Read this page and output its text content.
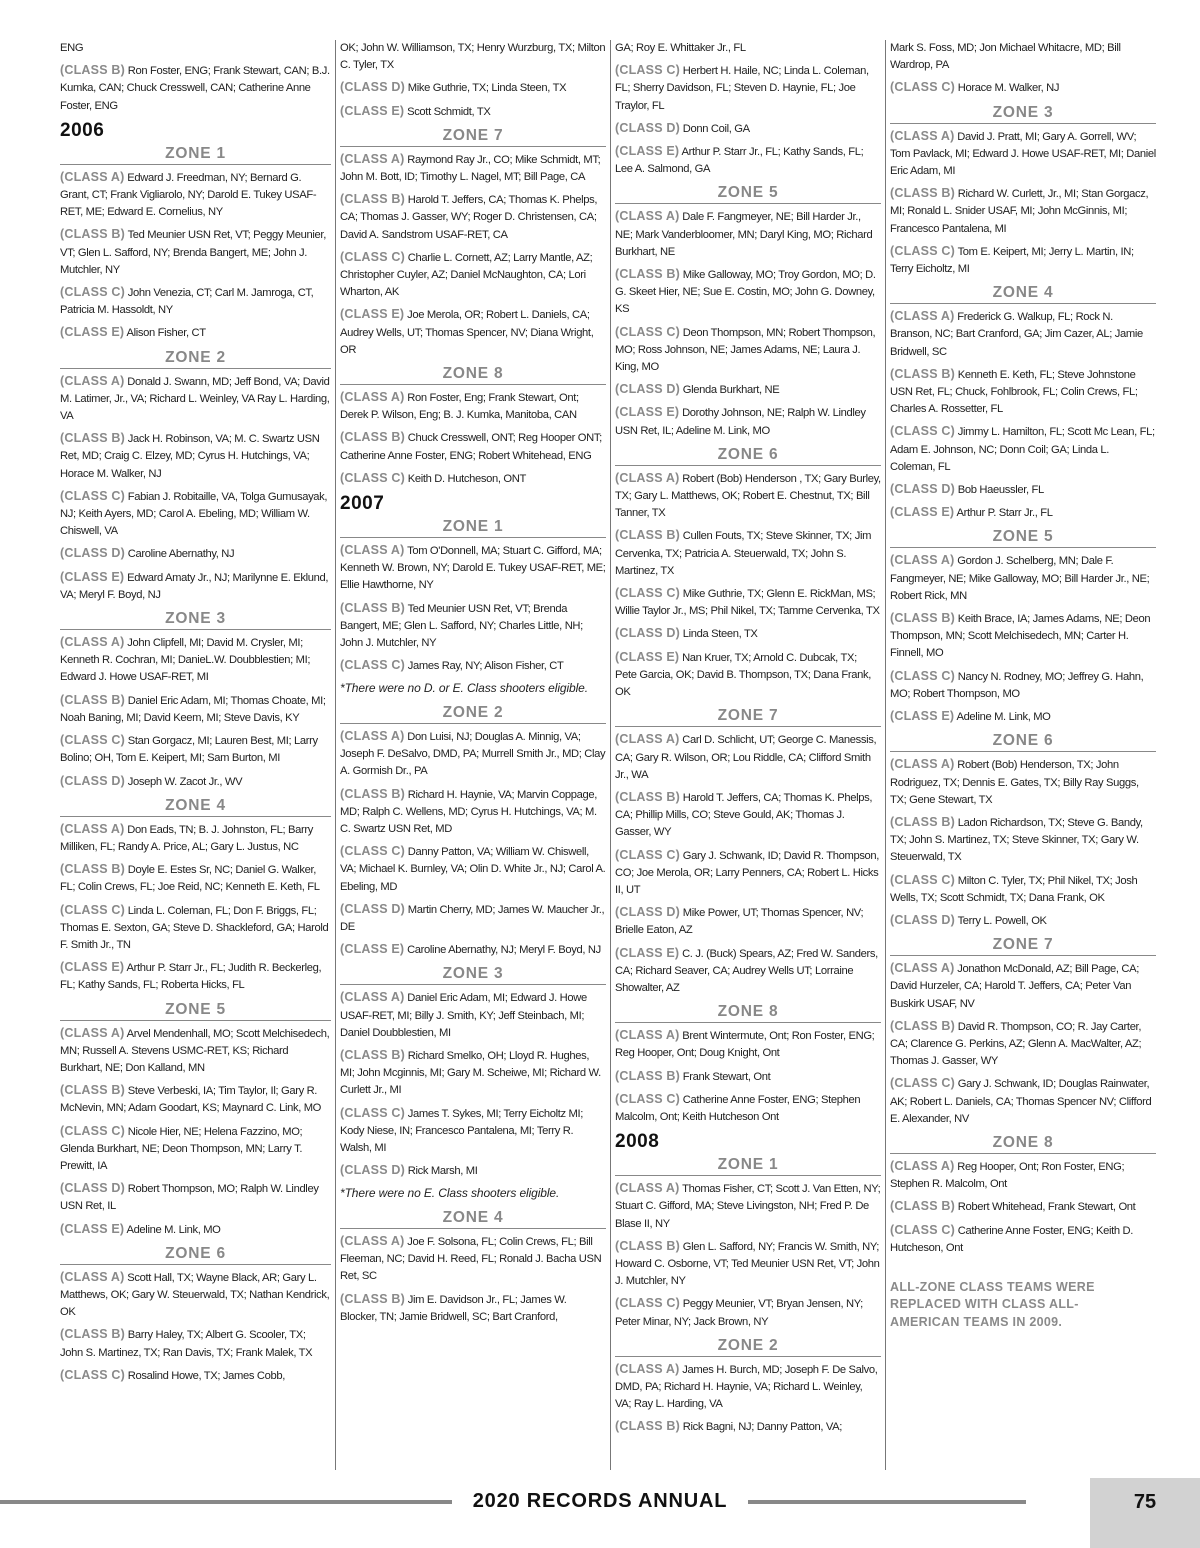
ENG

(CLASS B) Ron Foster, ENG; Frank Stewart, CAN; B.J. Kumka, CAN; Chuck Cresswell, CAN; Catherine Anne Foster, ENG

2006
ZONE 1

(CLASS A) Edward J. Freedman, NY; Bernard G. Grant, CT; Frank Vigliarolo, NY; Darold E. Tukey USAF-RET, ME; Edward E. Cornelius, NY

(CLASS B) Ted Meunier USN Ret, VT; Peggy Meunier, VT; Glen L. Safford, NY; Brenda Bangert, ME; John J. Mutchler, NY

(CLASS C) John Venezia, CT; Carl M. Jamroga, CT, Patricia M. Hassoldt, NY

(CLASS E) Alison Fisher, CT

ZONE 2

(CLASS A) Donald J. Swann, MD; Jeff Bond, VA; David M. Latimer, Jr., VA; Richard L. Weinley, VA Ray L. Harding, VA

(CLASS B) Jack H. Robinson, VA; M. C. Swartz USN Ret, MD; Craig C. Elzey, MD; Cyrus H. Hutchings, VA; Horace M. Walker, NJ

(CLASS C) Fabian J. Robitaille, VA, Tolga Gumusayak, NJ; Keith Ayers, MD; Carol A. Ebeling, MD; William W. Chiswell, VA

(CLASS D) Caroline Abernathy, NJ

(CLASS E) Edward Amaty Jr., NJ; Marilynne E. Eklund, VA; Meryl F. Boyd, NJ

ZONE 3

(CLASS A) John Clipfell, MI; David M. Crysler, MI; Kenneth R. Cochran, MI; DanieL.W. Doubblestien; MI; Edward J. Howe USAF-RET, MI

(CLASS B) Daniel Eric Adam, MI; Thomas Choate, MI; Noah Baning, MI; David Keem, MI; Steve Davis, KY

(CLASS C) Stan Gorgacz, MI; Lauren Best, MI; Larry Bolino; OH, Tom E. Keipert, MI; Sam Burton, MI

(CLASS D) Joseph W. Zacot Jr., WV

ZONE 4

(CLASS A) Don Eads, TN; B. J. Johnston, FL; Barry Milliken, FL; Randy A. Price, AL; Gary L. Justus, NC

(CLASS B) Doyle E. Estes Sr, NC; Daniel G. Walker, FL; Colin Crews, FL; Joe Reid, NC; Kenneth E. Keth, FL

(CLASS C) Linda L. Coleman, FL; Don F. Briggs, FL; Thomas E. Sexton, GA; Steve D. Shackleford, GA; Harold F. Smith Jr., TN

(CLASS E) Arthur P. Starr Jr., FL; Judith R. Beckerleg, FL; Kathy Sands, FL; Roberta Hicks, FL

ZONE 5

(CLASS A) Arvel Mendenhall, MO; Scott Melchisedech, MN; Russell A. Stevens USMC-RET, KS; Richard Burkhart, NE; Don Kalland, MN

(CLASS B) Steve Verbeski, IA; Tim Taylor, Il; Gary R. McNevin, MN; Adam Goodart, KS; Maynard C. Link, MO

(CLASS C) Nicole Hier, NE; Helena Fazzino, MO; Glenda Burkhart, NE; Deon Thompson, MN; Larry T. Prewitt, IA

(CLASS D) Robert Thompson, MO; Ralph W. Lindley USN Ret, IL

(CLASS E) Adeline M. Link, MO

ZONE 6

(CLASS A) Scott Hall, TX; Wayne Black, AR; Gary L. Matthews, OK; Gary W. Steuerwald, TX; Nathan Kendrick, OK

(CLASS B) Barry Haley, TX; Albert G. Scooler, TX; John S. Martinez, TX; Ran Davis, TX; Frank Malek, TX

(CLASS C) Rosalind Howe, TX; James Cobb,

OK; John W. Williamson, TX; Henry Wurzburg, TX; Milton C. Tyler, TX

(CLASS D) Mike Guthrie, TX; Linda Steen, TX

(CLASS E) Scott Schmidt, TX

ZONE 7

(CLASS A) Raymond Ray Jr., CO; Mike Schmidt, MT; John M. Bott, ID; Timothy L. Nagel, MT; Bill Page, CA

(CLASS B) Harold T. Jeffers, CA; Thomas K. Phelps, CA; Thomas J. Gasser, WY; Roger D. Christensen, CA; David A. Sandstrom USAF-RET, CA

(CLASS C) Charlie L. Cornett, AZ; Larry Mantle, AZ; Christopher Cuyler, AZ; Daniel McNaughton, CA; Lori Wharton, AK

(CLASS E) Joe Merola, OR; Robert L. Daniels, CA; Audrey Wells, UT; Thomas Spencer, NV; Diana Wright, OR

ZONE 8

(CLASS A) Ron Foster, Eng; Frank Stewart, Ont; Derek P. Wilson, Eng; B. J. Kumka, Manitoba, CAN

(CLASS B) Chuck Cresswell, ONT; Reg Hooper ONT; Catherine Anne Foster, ENG; Robert Whitehead, ENG

(CLASS C) Keith D. Hutcheson, ONT

2007
ZONE 1

(CLASS A) Tom O'Donnell, MA; Stuart C. Gifford, MA; Kenneth W. Brown, NY; Darold E. Tukey USAF-RET, ME; Ellie Hawthorne, NY

(CLASS B) Ted Meunier USN Ret, VT; Brenda Bangert, ME; Glen L. Safford, NY; Charles Little, NH; John J. Mutchler, NY

(CLASS C) James Ray, NY; Alison Fisher, CT

*There were no D. or E. Class shooters eligible.

ZONE 2

(CLASS A) Don Luisi, NJ; Douglas A. Minnig, VA; Joseph F. DeSalvo, DMD, PA; Murrell Smith Jr., MD; Clay A. Gormish Dr., PA

(CLASS B) Richard H. Haynie, VA; Marvin Coppage, MD; Ralph C. Wellens, MD; Cyrus H. Hutchings, VA; M. C. Swartz USN Ret, MD

(CLASS C) Danny Patton, VA; William W. Chiswell, VA; Michael K. Burnley, VA; Olin D. White Jr., NJ; Carol A. Ebeling, MD

(CLASS D) Martin Cherry, MD; James W. Maucher Jr., DE

(CLASS E) Caroline Abernathy, NJ; Meryl F. Boyd, NJ

ZONE 3

(CLASS A) Daniel Eric Adam, MI; Edward J. Howe USAF-RET, MI; Billy J. Smith, KY; Jeff Steinbach, MI; Daniel Doubblestien, MI

(CLASS B) Richard Smelko, OH; Lloyd R. Hughes, MI; John Mcginnis, MI; Gary M. Scheiwe, MI; Richard W. Curlett Jr., MI

(CLASS C) James T. Sykes, MI; Terry Eicholtz MI; Kody Niese, IN; Francesco Pantalena, MI; Terry R. Walsh, MI

(CLASS D) Rick Marsh, MI

*There were no E. Class shooters eligible.

ZONE 4

(CLASS A) Joe F. Solsona, FL; Colin Crews, FL; Bill Fleeman, NC; David H. Reed, FL; Ronald J. Bacha USN Ret, SC

(CLASS B) Jim E. Davidson Jr., FL; James W. Blocker, TN; Jamie Bridwell, SC; Bart Cranford,

GA; Roy E. Whittaker Jr., FL

(CLASS C) Herbert H. Haile, NC; Linda L. Coleman, FL; Sherry Davidson, FL; Steven D. Haynie, FL; Joe Traylor, FL

(CLASS D) Donn Coil, GA

(CLASS E) Arthur P. Starr Jr., FL; Kathy Sands, FL; Lee A. Salmond, GA

ZONE 5

(CLASS A) Dale F. Fangmeyer, NE; Bill Harder Jr., NE; Mark Vanderbloomer, MN; Daryl King, MO; Richard Burkhart, NE

(CLASS B) Mike Galloway, MO; Troy Gordon, MO; D. G. Skeet Hier, NE; Sue E. Costin, MO; John G. Downey, KS

(CLASS C) Deon Thompson, MN; Robert Thompson, MO; Ross Johnson, NE; James Adams, NE; Laura J. King, MO

(CLASS D) Glenda Burkhart, NE

(CLASS E) Dorothy Johnson, NE; Ralph W. Lindley USN Ret, IL; Adeline M. Link, MO

ZONE 6

(CLASS A) Robert (Bob) Henderson , TX; Gary Burley, TX; Gary L. Matthews, OK; Robert E. Chestnut, TX; Bill Tanner, TX

(CLASS B) Cullen Fouts, TX; Steve Skinner, TX; Jim Cervenka, TX; Patricia A. Steuerwald, TX; John S. Martinez, TX

(CLASS C) Mike Guthrie, TX; Glenn E. RickMan, MS; Willie Taylor Jr., MS; Phil Nikel, TX; Tamme Cervenka, TX

(CLASS D) Linda Steen, TX

(CLASS E) Nan Kruer, TX; Arnold C. Dubcak, TX; Pete Garcia, OK; David B. Thompson, TX; Dana Frank, OK

ZONE 7

(CLASS A) Carl D. Schlicht, UT; George C. Manessis, CA; Gary R. Wilson, OR; Lou Riddle, CA; Clifford Smith Jr., WA

(CLASS B) Harold T. Jeffers, CA; Thomas K. Phelps, CA; Phillip Mills, CO; Steve Gould, AK; Thomas J. Gasser, WY

(CLASS C) Gary J. Schwank, ID; David R. Thompson, CO; Joe Merola, OR; Larry Penners, CA; Robert L. Hicks II, UT

(CLASS D) Mike Power, UT; Thomas Spencer, NV; Brielle Eaton, AZ

(CLASS E) C. J. (Buck) Spears, AZ; Fred W. Sanders, CA; Richard Seaver, CA; Audrey Wells UT; Lorraine Showalter, AZ

ZONE 8

(CLASS A) Brent Wintermute, Ont; Ron Foster, ENG; Reg Hooper, Ont; Doug Knight, Ont

(CLASS B) Frank Stewart, Ont

(CLASS C) Catherine Anne Foster, ENG; Stephen Malcolm, Ont; Keith Hutcheson Ont

2008
ZONE 1

(CLASS A) Thomas Fisher, CT; Scott J. Van Etten, NY; Stuart C. Gifford, MA; Steve Livingston, NH; Fred P. De Blase II, NY

(CLASS B) Glen L. Safford, NY; Francis W. Smith, NY; Howard C. Osborne, VT; Ted Meunier USN Ret, VT; John J. Mutchler, NY

(CLASS C) Peggy Meunier, VT; Bryan Jensen, NY; Peter Minar, NY; Jack Brown, NY

ZONE 2

(CLASS A) James H. Burch, MD; Joseph F. De Salvo, DMD, PA; Richard H. Haynie, VA; Richard L. Weinley, VA; Ray L. Harding, VA

(CLASS B) Rick Bagni, NJ; Danny Patton, VA;

Mark S. Foss, MD; Jon Michael Whitacre, MD; Bill Wardrop, PA

(CLASS C) Horace M. Walker, NJ

ZONE 3

(CLASS A) David J. Pratt, MI; Gary A. Gorrell, WV; Tom Pavlack, MI; Edward J. Howe USAF-RET, MI; Daniel Eric Adam, MI

(CLASS B) Richard W. Curlett, Jr., MI; Stan Gorgacz, MI; Ronald L. Snider USAF, MI; John McGinnis, MI; Francesco Pantalena, MI

(CLASS C) Tom E. Keipert, MI; Jerry L. Martin, IN; Terry Eicholtz, MI

ZONE 4

(CLASS A) Frederick G. Walkup, FL; Rock N. Branson, NC; Bart Cranford, GA; Jim Cazer, AL; Jamie Bridwell, SC

(CLASS B) Kenneth E. Keth, FL; Steve Johnstone USN Ret, FL; Chuck, Fohlbrook, FL; Colin Crews, FL; Charles A. Rossetter, FL

(CLASS C) Jimmy L. Hamilton, FL; Scott Mc Lean, FL; Adam E. Johnson, NC; Donn Coil; GA; Linda L. Coleman, FL

(CLASS D) Bob Haeussler, FL

(CLASS E) Arthur P. Starr Jr., FL

ZONE 5

(CLASS A) Gordon J. Schelberg, MN; Dale F. Fangmeyer, NE; Mike Galloway, MO; Bill Harder Jr., NE; Robert Rick, MN

(CLASS B) Keith Brace, IA; James Adams, NE; Deon Thompson, MN; Scott Melchisedech, MN; Carter H. Finnell, MO

(CLASS C) Nancy N. Rodney, MO; Jeffrey G. Hahn, MO; Robert Thompson, MO

(CLASS E) Adeline M. Link, MO

ZONE 6

(CLASS A) Robert (Bob) Henderson, TX; John Rodriguez, TX; Dennis E. Gates, TX; Billy Ray Suggs, TX; Gene Stewart, TX

(CLASS B) Ladon Richardson, TX; Steve G. Bandy, TX; John S. Martinez, TX; Steve Skinner, TX; Gary W. Steuerwald, TX

(CLASS C) Milton C. Tyler, TX; Phil Nikel, TX; Josh Wells, TX; Scott Schmidt, TX; Dana Frank, OK

(CLASS D) Terry L. Powell, OK

ZONE 7

(CLASS A) Jonathon McDonald, AZ; Bill Page, CA; David Hurzeler, CA; Harold T. Jeffers, CA; Peter Van Buskirk USAF, NV

(CLASS B) David R. Thompson, CO; R. Jay Carter, CA; Clarence G. Perkins, AZ; Glenn A. MacWalter, AZ; Thomas J. Gasser, WY

(CLASS C) Gary J. Schwank, ID; Douglas Rainwater, AK; Robert L. Daniels, CA; Thomas Spencer NV; Clifford E. Alexander, NV

ZONE 8

(CLASS A) Reg Hooper, Ont; Ron Foster, ENG; Stephen R. Malcolm, Ont

(CLASS B) Robert Whitehead, Frank Stewart, Ont

(CLASS C) Catherine Anne Foster, ENG; Keith D. Hutcheson, Ont

ALL-ZONE CLASS TEAMS WERE REPLACED WITH CLASS ALL-AMERICAN TEAMS IN 2009.
2020 RECORDS ANNUAL	75
